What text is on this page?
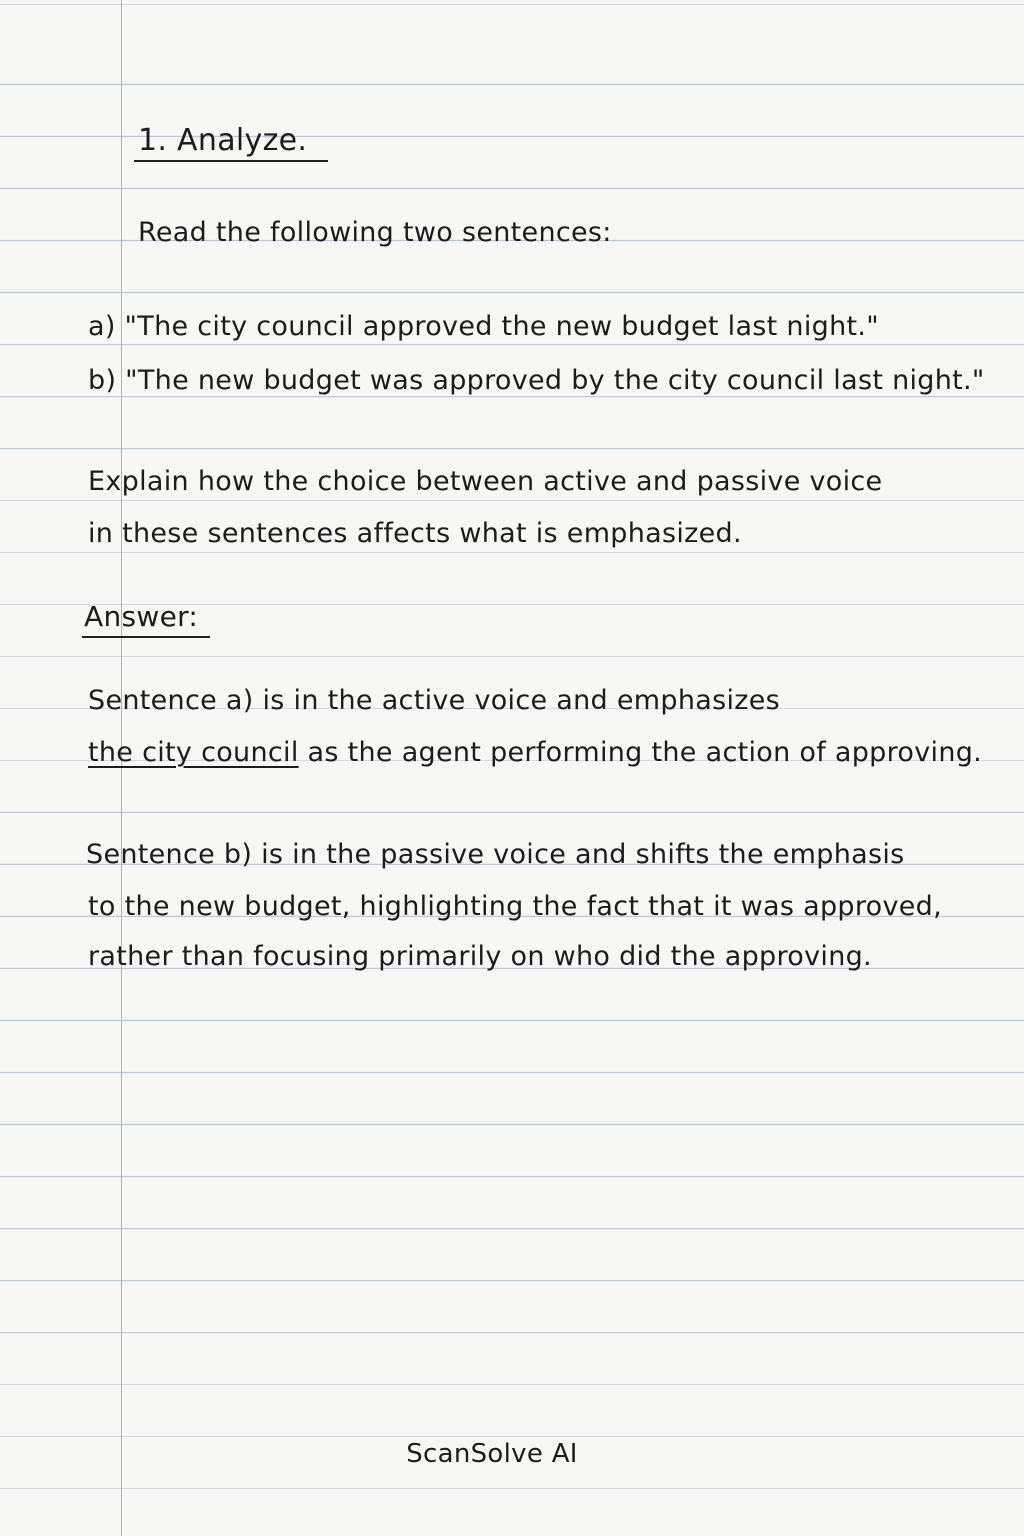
1. Analyze.
Read the following two sentences:
a) "The city council approved the new budget last night."
b) "The new budget was approved by the city council last night."
Explain how the choice between active and passive voice
in these sentences affects what is emphasized.
Answer:
Sentence a) is in the active voice and emphasizes
the city council as the agent performing the action of approving.
Sentence b) is in the passive voice and shifts the emphasis
to the new budget, highlighting the fact that it was approved,
rather than focusing primarily on who did the approving.
ScanSolve AI
